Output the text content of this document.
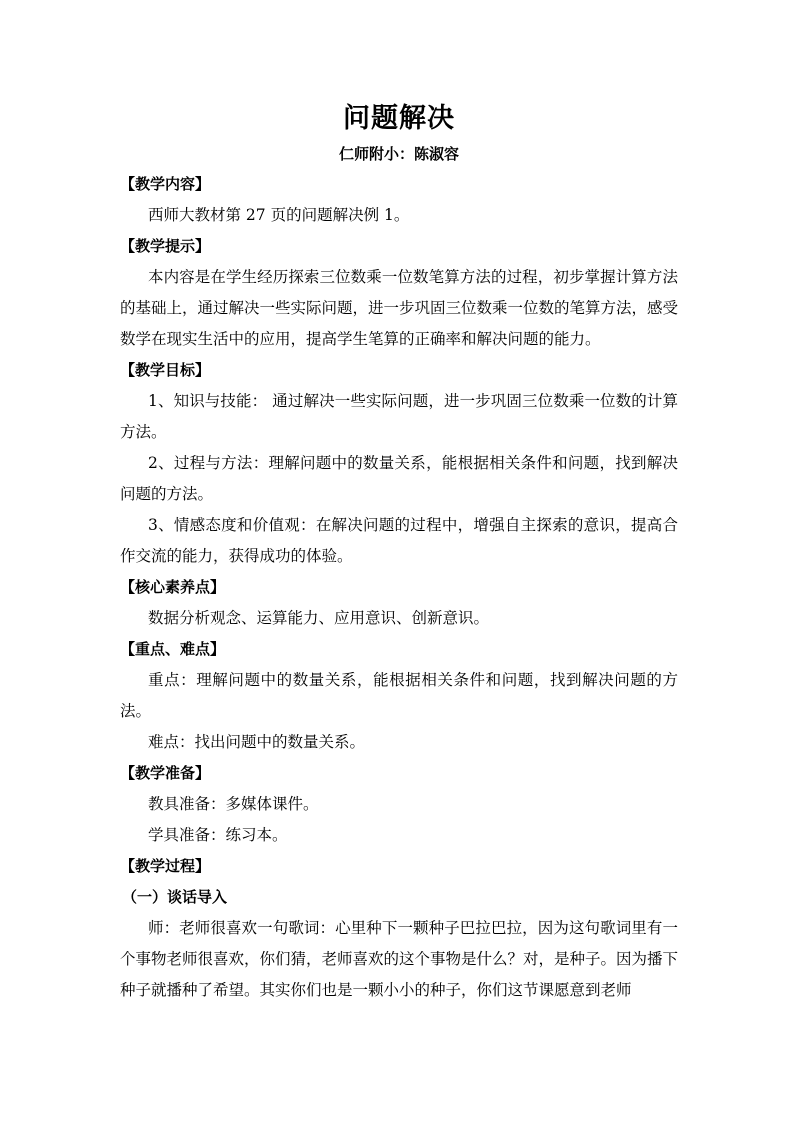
问题解决
仁师附小：陈淑容
【教学内容】

西师大教材第 27 页的问题解决例 1。

【教学提示】

本内容是在学生经历探索三位数乘一位数笔算方法的过程，初步掌握计算方法的基础上，通过解决一些实际问题，进一步巩固三位数乘一位数的笔算方法，感受数学在现实生活中的应用，提高学生笔算的正确率和解决问题的能力。

【教学目标】

1、知识与技能： 通过解决一些实际问题，进一步巩固三位数乘一位数的计算方法。

2、过程与方法：理解问题中的数量关系，能根据相关条件和问题，找到解决问题的方法。

3、情感态度和价值观：在解决问题的过程中，增强自主探索的意识，提高合作交流的能力，获得成功的体验。

【核心素养点】

数据分析观念、运算能力、应用意识、创新意识。

【重点、难点】

重点：理解问题中的数量关系，能根据相关条件和问题，找到解决问题的方法。

难点：找出问题中的数量关系。

【教学准备】

教具准备：多媒体课件。

学具准备：练习本。

【教学过程】
（一）谈话导入

师：老师很喜欢一句歌词：心里种下一颗种子巴拉巴拉，因为这句歌词里有一个事物老师很喜欢，你们猜，老师喜欢的这个事物是什么？对，是种子。因为播下种子就播种了希望。其实你们也是一颗小小的种子，你们这节课愿意到老师
